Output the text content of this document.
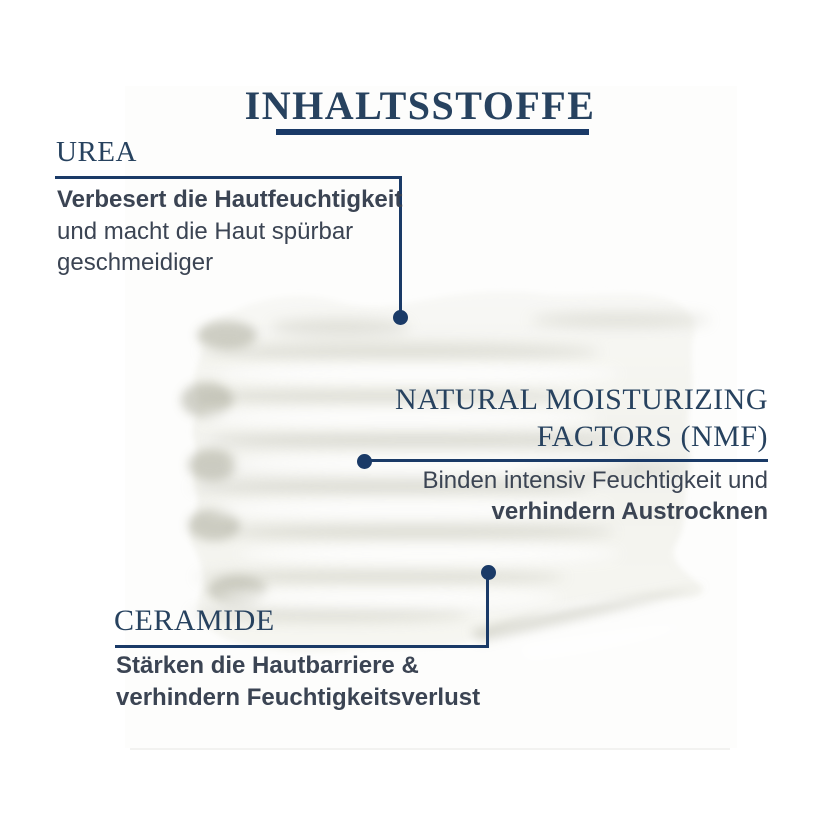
INHALTSSTOFFE
UREA
Verbesert die Hautfeuchtigkeit
und macht die Haut spürbar
geschmeidiger
NATURAL MOISTURIZING
FACTORS (NMF)
Binden intensiv Feuchtigkeit und
verhindern Austrocknen
CERAMIDE
Stärken die Hautbarriere &
verhindern Feuchtigkeitsverlust
